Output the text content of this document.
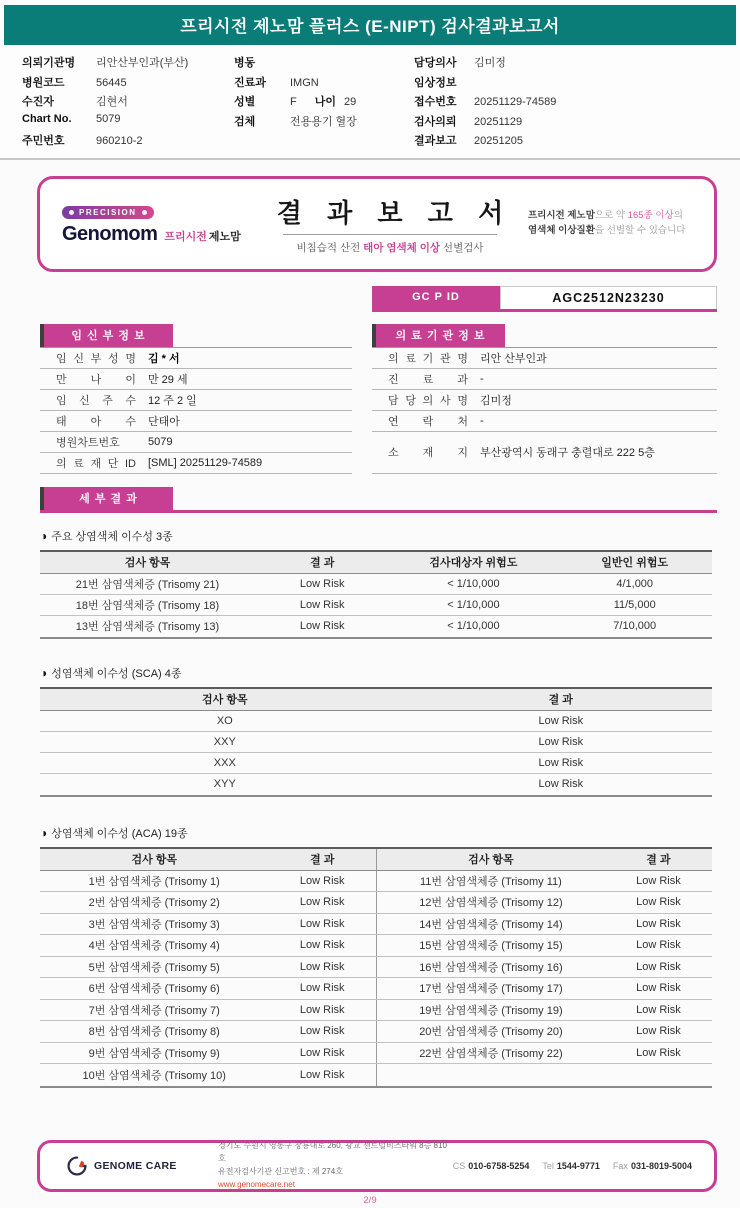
프리시전 제노맘 플러스 (E-NIPT) 검사결과보고서
의뢰기관명	리안산부인과(부산)
병원코드	56445
수진자	김현서
Chart No.	5079
주민번호	960210-2
병동
진료과	IMGN
성별	F 나이 29
검체	전용용기 혈장
담당의사	김미정
임상정보
접수번호	20251129-74589
검사의뢰	20251129
결과보고	20251205
PRECISION
Genomom 프리시전 제노맘
결 과 보 고 서
비침습적 산전 태아 염색체 이상 선별검사
프리시전 제노맘으로 약 165종 이상의
염색체 이상질환을 선별할 수 있습니다
GC P ID	AGC2512N23230
임 신 부 정 보
임 신 부 성 명	김 * 서
만 나 이	만 29 세
임 신 주 수	12 주 2 일
태 아 수	단태아
병원차트번호	5079
의 료 재 단 ID	[SML] 20251129-74589
의 료 기 관 정 보
의 료 기 관 명	리안 산부인과
진 료 과	-
담 당 의 사 명	김미정
연 락 처	-
소 재 지	부산광역시 동래구 충렬대로 222 5층
세 부 결 과
◑ 주요 상염색체 이수성 3종
검사 항목	결 과	검사대상자 위험도	일반인 위험도
21번 삼염색체증 (Trisomy 21)	Low Risk	< 1/10,000	4/1,000
18번 삼염색체증 (Trisomy 18)	Low Risk	< 1/10,000	11/5,000
13번 삼염색체증 (Trisomy 13)	Low Risk	< 1/10,000	7/10,000
◑ 성염색체 이수성 (SCA) 4종
검사 항목	결 과
XO	Low Risk
XXY	Low Risk
XXX	Low Risk
XYY	Low Risk
◑ 상염색체 이수성 (ACA) 19종
검사 항목	결 과	검사 항목	결 과
1번 삼염색체증 (Trisomy 1)	Low Risk	11번 삼염색체증 (Trisomy 11)	Low Risk
2번 삼염색체증 (Trisomy 2)	Low Risk	12번 삼염색체증 (Trisomy 12)	Low Risk
3번 삼염색체증 (Trisomy 3)	Low Risk	14번 삼염색체증 (Trisomy 14)	Low Risk
4번 삼염색체증 (Trisomy 4)	Low Risk	15번 삼염색체증 (Trisomy 15)	Low Risk
5번 삼염색체증 (Trisomy 5)	Low Risk	16번 삼염색체증 (Trisomy 16)	Low Risk
6번 삼염색체증 (Trisomy 6)	Low Risk	17번 삼염색체증 (Trisomy 17)	Low Risk
7번 삼염색체증 (Trisomy 7)	Low Risk	19번 삼염색체증 (Trisomy 19)	Low Risk
8번 삼염색체증 (Trisomy 8)	Low Risk	20번 삼염색체증 (Trisomy 20)	Low Risk
9번 삼염색체증 (Trisomy 9)	Low Risk	22번 삼염색체증 (Trisomy 22)	Low Risk
10번 삼염색체증 (Trisomy 10)	Low Risk
GENOME CARE
경기도 수원시 영통구 창룡대로 260, 광교 센트럴비즈타워 8층 810호
유전자검사기관 신고번호 : 제 274호
www.genomecare.net
CS 010-6758-5254 Tel 1544-9771 Fax 031-8019-5004
2/9
